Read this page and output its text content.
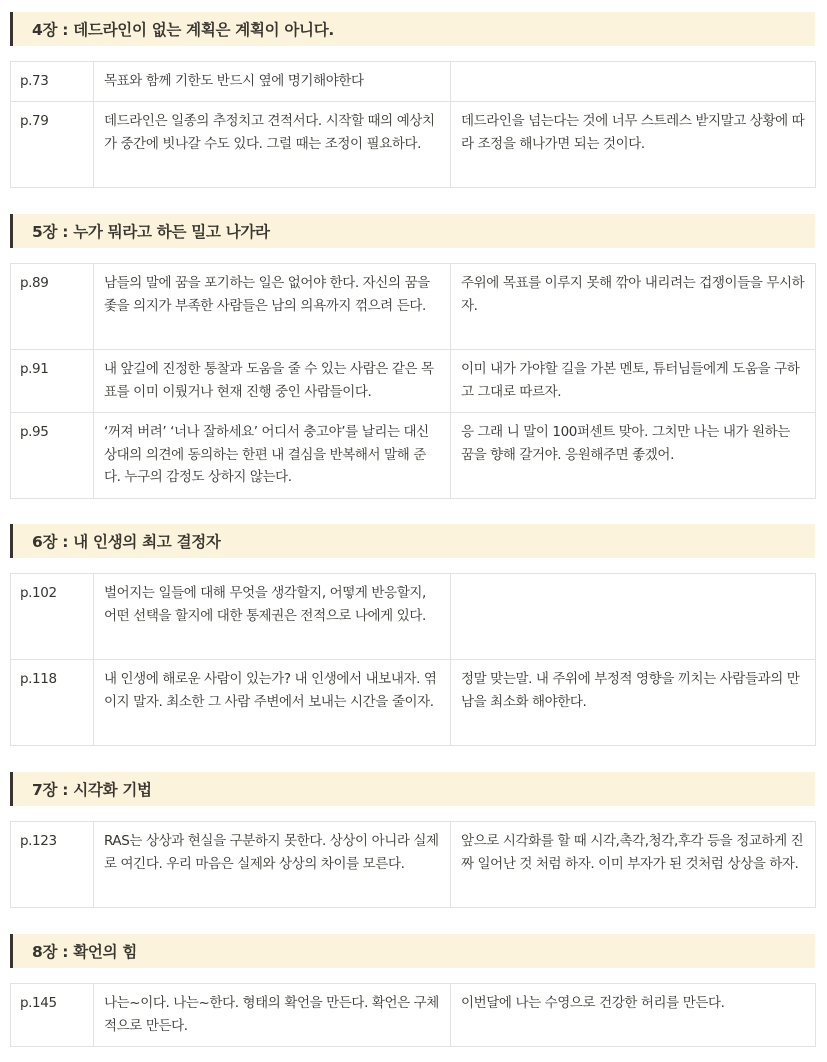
4장 : 데드라인이 없는 계획은 계획이 아니다.
p.73	목표와 함께 기한도 반드시 옆에 명기해야한다	
p.79	데드라인은 일종의 추정치고 견적서다. 시작할 때의 예상치가 중간에 빗나갈 수도 있다. 그럴 때는 조정이 필요하다.	데드라인을 넘는다는 것에 너무 스트레스 받지말고 상황에 따라 조정을 해나가면 되는 것이다.
5장 : 누가 뭐라고 하든 밀고 나가라
p.89	남들의 말에 꿈을 포기하는 일은 없어야 한다. 자신의 꿈을 좇을 의지가 부족한 사람들은 남의 의욕까지 꺾으려 든다.	주위에 목표를 이루지 못해 깎아 내리려는 겁쟁이들을 무시하자.
p.91	내 앞길에 진정한 통찰과 도움을 줄 수 있는 사람은 같은 목표를 이미 이뤘거나 현재 진행 중인 사람들이다.	이미 내가 가야할 길을 가본 멘토, 튜터님들에게 도움을 구하고 그대로 따르자.
p.95	‘꺼져 버려’ ‘너나 잘하세요’ 어디서 충고야’를 날리는 대신 상대의 의견에 동의하는 한편 내 결심을 반복해서 말해 준다. 누구의 감정도 상하지 않는다.	응 그래 니 말이 100퍼센트 맞아. 그치만 나는 내가 원하는 꿈을 향해 갈거야. 응원해주면 좋겠어.
6장 : 내 인생의 최고 결정자
p.102	벌어지는 일들에 대해 무엇을 생각할지, 어떻게 반응할지, 어떤 선택을 할지에 대한 통제권은 전적으로 나에게 있다.	
p.118	내 인생에 해로운 사람이 있는가? 내 인생에서 내보내자. 엮이지 말자. 최소한 그 사람 주변에서 보내는 시간을 줄이자.	정말 맞는말. 내 주위에 부정적 영향을 끼치는 사람들과의 만남을 최소화 해야한다.
7장 : 시각화 기법
p.123	RAS는 상상과 현실을 구분하지 못한다. 상상이 아니라 실제로 여긴다. 우리 마음은 실제와 상상의 차이를 모른다.	앞으로 시각화를 할 때 시각,촉각,청각,후각 등을 정교하게 진짜 일어난 것 처럼 하자. 이미 부자가 된 것처럼 상상을 하자.
8장 : 확언의 힘
p.145	나는~이다. 나는~한다. 형태의 확언을 만든다. 확언은 구체적으로 만든다.	이번달에 나는 수영으로 건강한 허리를 만든다.
